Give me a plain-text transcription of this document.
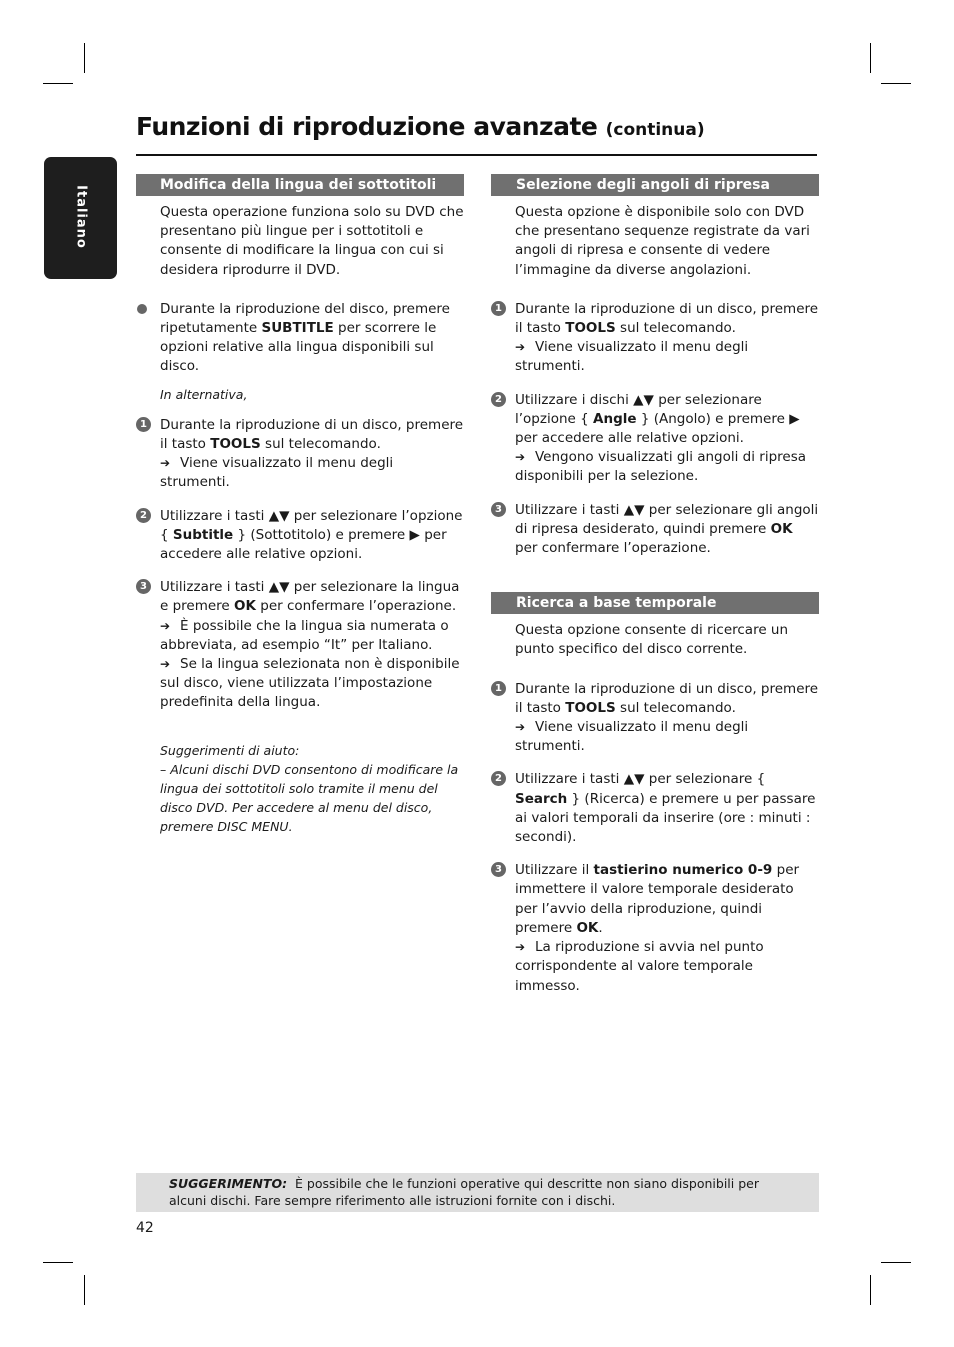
Funzioni di riproduzione avanzate (continua)
Italiano
Modifica della lingua dei sottotitoli
Questa operazione funziona solo su DVD che presentano più lingue per i sottotitoli e consente di modificare la lingua con cui si desidera riprodurre il DVD.
Durante la riproduzione del disco, premere ripetutamente SUBTITLE per scorrere le opzioni relative alla lingua disponibili sul disco.
In alternativa,
1 Durante la riproduzione di un disco, premere il tasto TOOLS sul telecomando.
➔ Viene visualizzato il menu degli strumenti.
2 Utilizzare i tasti ▲▼ per selezionare l’opzione { Subtitle } (Sottotitolo) e premere ▶ per accedere alle relative opzioni.
3 Utilizzare i tasti ▲▼ per selezionare la lingua e premere OK per confermare l’operazione.
➔ È possibile che la lingua sia numerata o abbreviata, ad esempio “It” per Italiano.
➔ Se la lingua selezionata non è disponibile sul disco, viene utilizzata l’impostazione predefinita della lingua.
Suggerimenti di aiuto:
– Alcuni dischi DVD consentono di modificare la lingua dei sottotitoli solo tramite il menu del disco DVD. Per accedere al menu del disco, premere DISC MENU.
Selezione degli angoli di ripresa
Questa opzione è disponibile solo con DVD che presentano sequenze registrate da vari angoli di ripresa e consente di vedere l’immagine da diverse angolazioni.
1 Durante la riproduzione di un disco, premere il tasto TOOLS sul telecomando.
➔ Viene visualizzato il menu degli strumenti.
2 Utilizzare i dischi ▲▼ per selezionare l’opzione { Angle } (Angolo) e premere ▶ per accedere alle relative opzioni.
➔ Vengono visualizzati gli angoli di ripresa disponibili per la selezione.
3 Utilizzare i tasti ▲▼ per selezionare gli angoli di ripresa desiderato, quindi premere OK per confermare l’operazione.
Ricerca a base temporale
Questa opzione consente di ricercare un punto specifico del disco corrente.
1 Durante la riproduzione di un disco, premere il tasto TOOLS sul telecomando.
➔ Viene visualizzato il menu degli strumenti.
2 Utilizzare i tasti ▲▼ per selezionare { Search } (Ricerca) e premere u per passare ai valori temporali da inserire (ore : minuti : secondi).
3 Utilizzare il tastierino numerico 0-9 per immettere il valore temporale desiderato per l’avvio della riproduzione, quindi premere OK.
➔ La riproduzione si avvia nel punto corrispondente al valore temporale immesso.
SUGGERIMENTO: È possibile che le funzioni operative qui descritte non siano disponibili per alcuni dischi. Fare sempre riferimento alle istruzioni fornite con i dischi.
42
